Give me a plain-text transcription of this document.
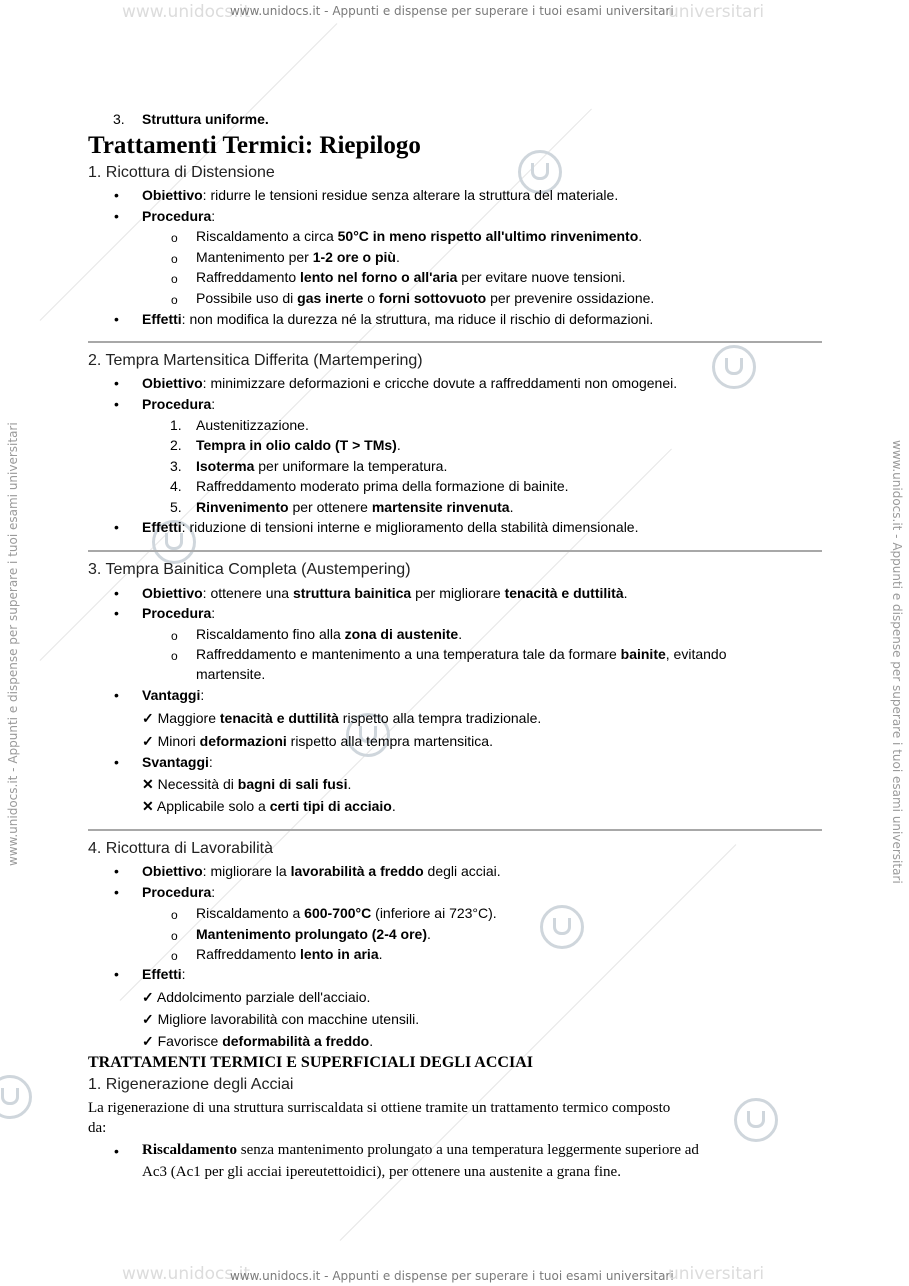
www.unidocs.it
www.unidocs.it - Appunti e dispense per superare i tuoi esami universitari
universitari
www.unidocs.it
www.unidocs.it - Appunti e dispense per superare i tuoi esami universitari
universitari
www.unidocs.it - Appunti e dispense per superare i tuoi esami universitari	www.unidocs.it - Appunti e dispense per superare i tuoi esami universitari
3. Struttura uniforme.
Trattamenti Termici: Riepilogo
1. Ricottura di Distensione
• Obiettivo: ridurre le tensioni residue senza alterare la struttura del materiale.
• Procedura:
o Riscaldamento a circa 50°C in meno rispetto all'ultimo rinvenimento.
o Mantenimento per 1-2 ore o più.
o Raffreddamento lento nel forno o all'aria per evitare nuove tensioni.
o Possibile uso di gas inerte o forni sottovuoto per prevenire ossidazione.
• Effetti: non modifica la durezza né la struttura, ma riduce il rischio di deformazioni.
2. Tempra Martensitica Differita (Martempering)
• Obiettivo: minimizzare deformazioni e cricche dovute a raffreddamenti non omogenei.
• Procedura:
1. Austenitizzazione.
2. Tempra in olio caldo (T > TMs).
3. Isoterma per uniformare la temperatura.
4. Raffreddamento moderato prima della formazione di bainite.
5. Rinvenimento per ottenere martensite rinvenuta.
• Effetti: riduzione di tensioni interne e miglioramento della stabilità dimensionale.
3. Tempra Bainitica Completa (Austempering)
• Obiettivo: ottenere una struttura bainitica per migliorare tenacità e duttilità.
• Procedura:
o Riscaldamento fino alla zona di austenite.
o Raffreddamento e mantenimento a una temperatura tale da formare bainite, evitando
martensite.
• Vantaggi:
✓ Maggiore tenacità e duttilità rispetto alla tempra tradizionale.
✓ Minori deformazioni rispetto alla tempra martensitica.
• Svantaggi:
✕ Necessità di bagni di sali fusi.
✕ Applicabile solo a certi tipi di acciaio.
4. Ricottura di Lavorabilità
• Obiettivo: migliorare la lavorabilità a freddo degli acciai.
• Procedura:
o Riscaldamento a 600-700°C (inferiore ai 723°C).
o Mantenimento prolungato (2-4 ore).
o Raffreddamento lento in aria.
• Effetti:
✓ Addolcimento parziale dell'acciaio.
✓ Migliore lavorabilità con macchine utensili.
✓ Favorisce deformabilità a freddo.
TRATTAMENTI TERMICI E SUPERFICIALI DEGLI ACCIAI
1. Rigenerazione degli Acciai
La rigenerazione di una struttura surriscaldata si ottiene tramite un trattamento termico composto
da:
• Riscaldamento senza mantenimento prolungato a una temperatura leggermente superiore ad
Ac3 (Ac1 per gli acciai ipereutettoidici), per ottenere una austenite a grana fine.
